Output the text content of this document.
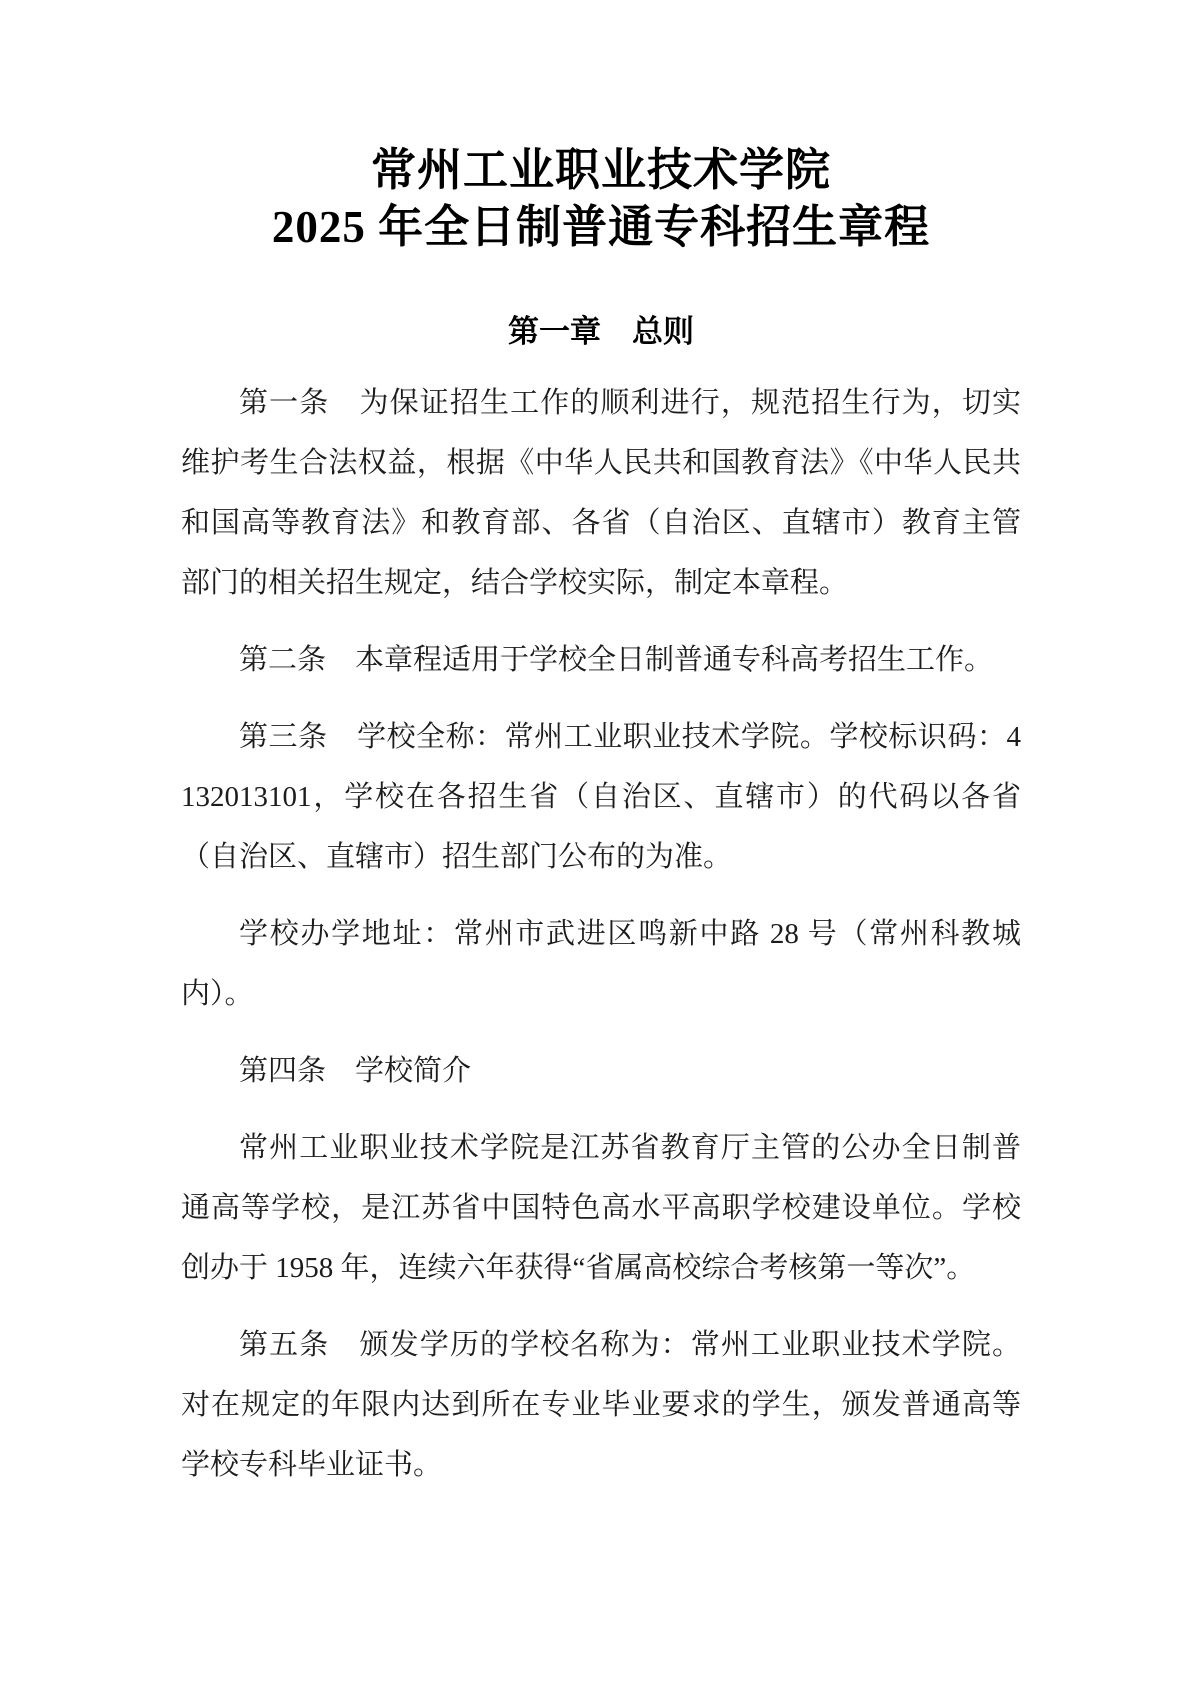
常州工业职业技术学院
2025 年全日制普通专科招生章程
第一章　总则

第一条　为保证招生工作的顺利进行，规范招生行为，切实维护考生合法权益，根据《中华人民共和国教育法》《中华人民共和国高等教育法》和教育部、各省（自治区、直辖市）教育主管部门的相关招生规定，结合学校实际，制定本章程。

第二条　本章程适用于学校全日制普通专科高考招生工作。

第三条　学校全称：常州工业职业技术学院。学校标识码：4132013101，学校在各招生省（自治区、直辖市）的代码以各省（自治区、直辖市）招生部门公布的为准。

学校办学地址：常州市武进区鸣新中路 28 号（常州科教城内）。

第四条　学校简介

常州工业职业技术学院是江苏省教育厅主管的公办全日制普通高等学校，是江苏省中国特色高水平高职学校建设单位。学校创办于 1958 年，连续六年获得“省属高校综合考核第一等次”。

第五条　颁发学历的学校名称为：常州工业职业技术学院。对在规定的年限内达到所在专业毕业要求的学生，颁发普通高等学校专科毕业证书。
